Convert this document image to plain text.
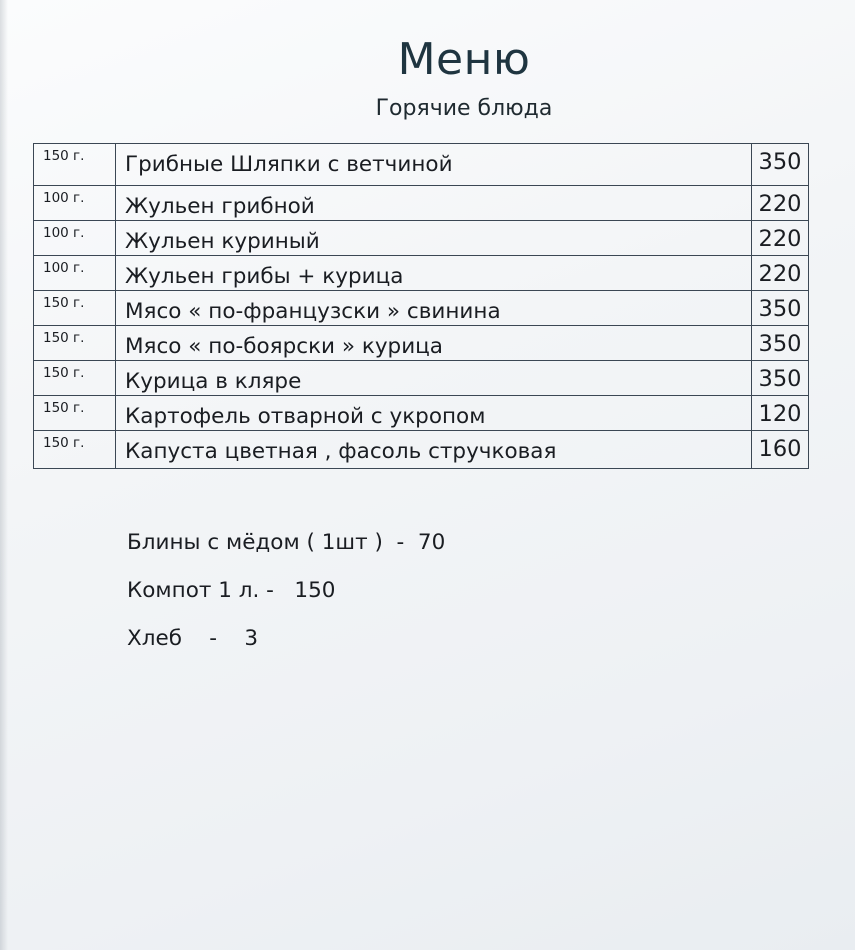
Меню
Горячие блюда
150 г.	Грибные Шляпки с ветчиной	350
100 г.	Жульен грибной	220
100 г.	Жульен куриный	220
100 г.	Жульен грибы + курица	220
150 г.	Мясо « по-французски » свинина	350
150 г.	Мясо « по-боярски » курица	350
150 г.	Курица в кляре	350
150 г.	Картофель отварной с укропом	120
150 г.	Капуста цветная , фасоль стручковая	160
Блины с мёдом ( 1шт )  -  70
Компот 1 л. -   150
Хлеб    -    3
